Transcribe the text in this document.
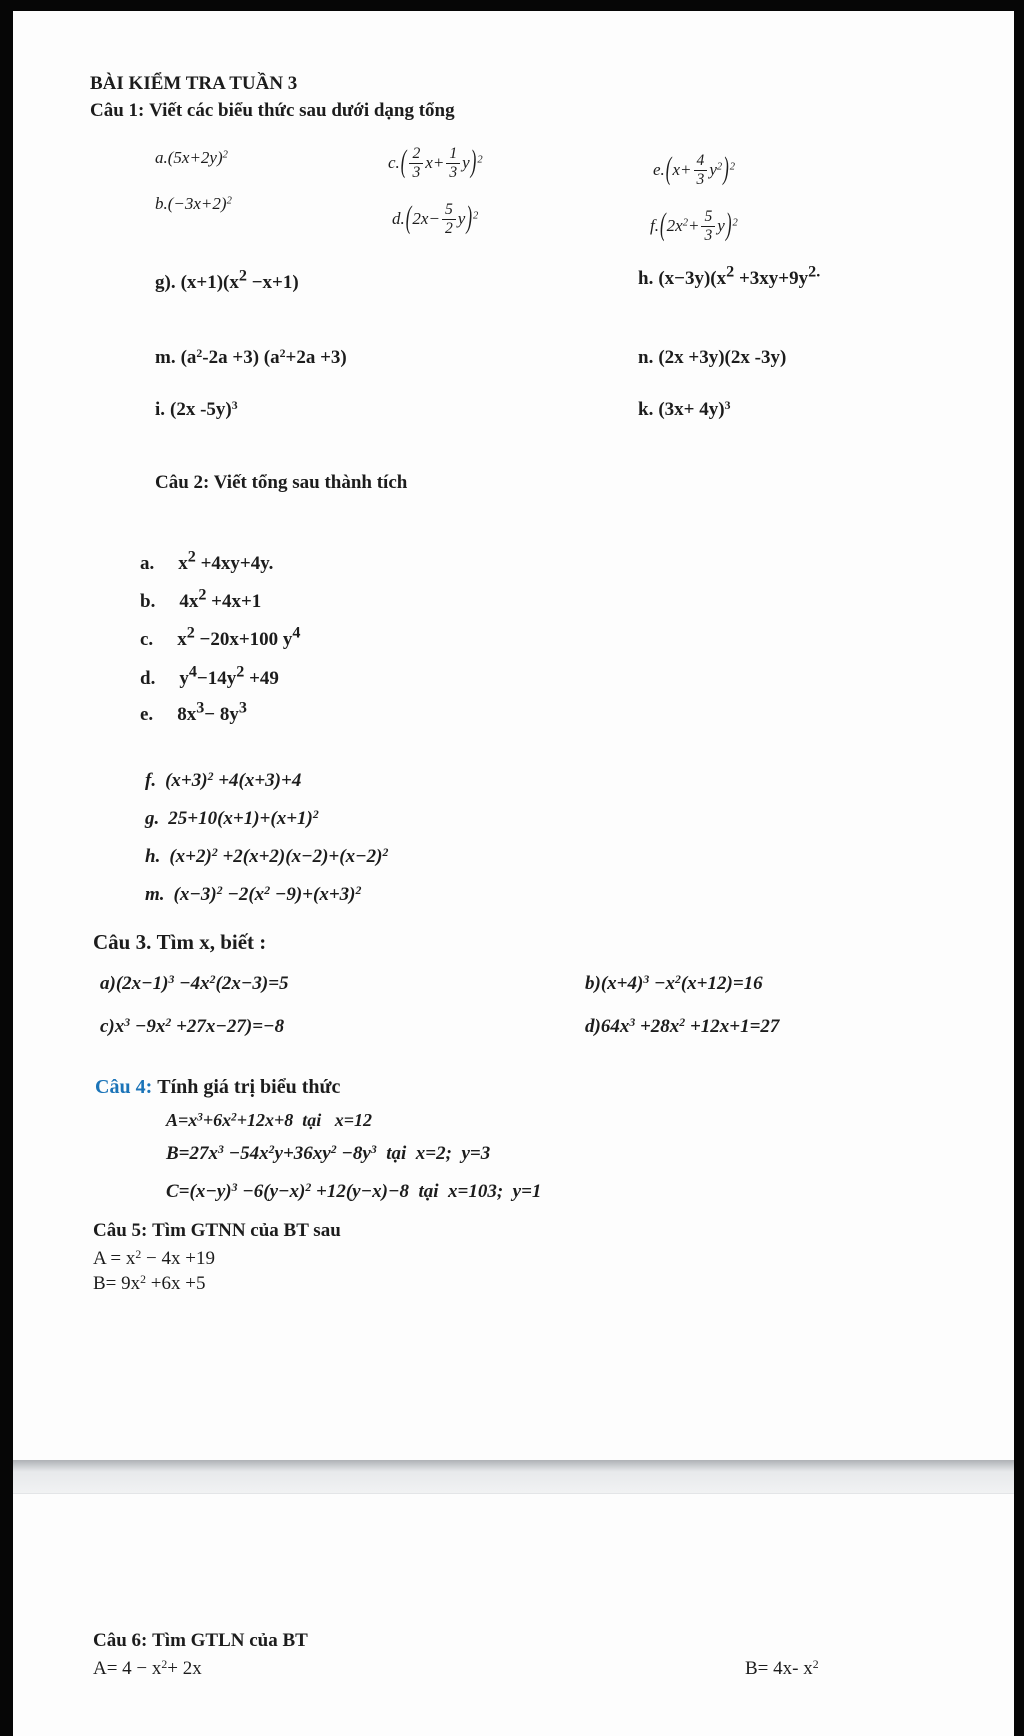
BÀI KIỂM TRA TUẦN 3
Câu 1: Viết các biểu thức sau dưới dạng tổng
$a.(5x+2y)^2$
$b.(-3x+2)^2$
$c.( \frac{2}{3} x+ \frac{1}{3} y)^2$
$d.(2x- \frac{5}{2} y)^2$
$e.(x+ \frac{4}{3} y^2)^2$
$f.(2x^2+ \frac{5}{3} y)^2$
g). $(x+1)(x^2 -x+1)$	h. $(x-3y)(x^2 +3xy+9y^{2.}$
m. $(a^2-2a +3)$ $(a^2+2a +3)$	n. (2x +3y)(2x -3y)
i. (2x -5y)$^3$	k. $(3x+ 4y)^3$
Câu 2: Viết tổng sau thành tích
a. $x^2 +4xy+4y$.
b. $4x^2 +4x+1$
c. $x^2 -20x+100$ $y^4$
d. $y^4-14y^2 +49$
e. $8x^3- 8y^3$
f. $(x+3)^2 +4(x+3)+4$
g. $25+10(x+1)+(x+1)^2$
h. $(x+2)^2 +2(x+2)(x-2)+(x-2)^2$
m. $(x-3)^2 -2(x^2 -9)+(x+3)^2$
Câu 3. Tìm x, biết :
$a)(2x-1)^3 -4x^2(2x-3)=5$	$b)(x+4)^3 -x^2(x+12)=16$
$c)x^3 -9x^2 +27x-27)=-8$	$d)64x^3 +28x^2 +12x+1=27$
Câu 4: Tính giá trị biểu thức
$A=x^3+6x^2+12x+8$  tại   x=12
$B=27x^3 -54x^2y+36xy^2 -8y^3$  tại  x=2;  y=3
$C=(x-y)^3 -6(y-x)^2 +12(y-x)-8$  tại  x=103;  y=1
Câu 5: Tìm GTNN của BT sau
$A = x^2 - 4x +19$
$B= 9x^2 +6x +5$
Câu 6: Tìm GTLN của BT
$A= 4 - x^2+ 2x$	B= 4x- $x^2$
